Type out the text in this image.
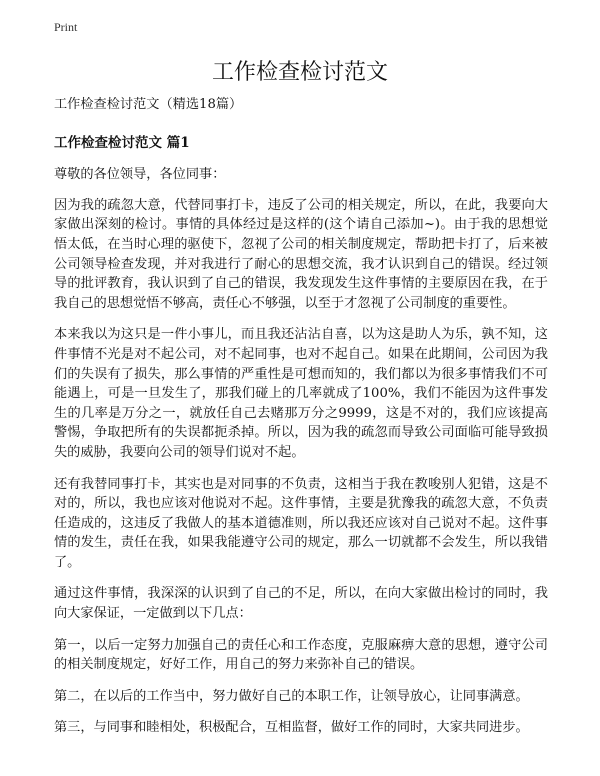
Print
工作检查检讨范文

工作检查检讨范文（精选18篇）

工作检查检讨范文 篇1

尊敬的各位领导，各位同事：

因为我的疏忽大意，代替同事打卡，违反了公司的相关规定，所以，在此，我要向大家做出深刻的检讨。事情的具体经过是这样的(这个请自己添加~)。由于我的思想觉悟太低，在当时心理的驱使下，忽视了公司的相关制度规定，帮助把卡打了，后来被公司领导检查发现，并对我进行了耐心的思想交流，我才认识到自己的错误。经过领导的批评教育，我认识到了自己的错误，我发现发生这件事情的主要原因在我，在于我自己的思想觉悟不够高，责任心不够强，以至于才忽视了公司制度的重要性。

本来我以为这只是一件小事儿，而且我还沾沾自喜，以为这是助人为乐，孰不知，这件事情不光是对不起公司，对不起同事，也对不起自己。如果在此期间，公司因为我们的失误有了损失，那么事情的严重性是可想而知的，我们都以为很多事情我们不可能遇上，可是一旦发生了，那我们碰上的几率就成了100%，我们不能因为这件事发生的几率是万分之一，就放任自己去赌那万分之9999，这是不对的，我们应该提高警惕，争取把所有的失误都扼杀掉。所以，因为我的疏忽而导致公司面临可能导致损失的威胁，我要向公司的领导们说对不起。

还有我替同事打卡，其实也是对同事的不负责，这相当于我在教唆别人犯错，这是不对的，所以，我也应该对他说对不起。这件事情，主要是犹豫我的疏忽大意，不负责任造成的，这违反了我做人的基本道德准则，所以我还应该对自己说对不起。这件事情的发生，责任在我，如果我能遵守公司的规定，那么一切就都不会发生，所以我错了。

通过这件事情，我深深的认识到了自己的不足，所以，在向大家做出检讨的同时，我向大家保证，一定做到以下几点：

第一，以后一定努力加强自己的责任心和工作态度，克服麻痹大意的思想，遵守公司的相关制度规定，好好工作，用自己的努力来弥补自己的错误。

第二，在以后的工作当中，努力做好自己的本职工作，让领导放心，让同事满意。

第三，与同事和睦相处，积极配合，互相监督，做好工作的同时，大家共同进步。
